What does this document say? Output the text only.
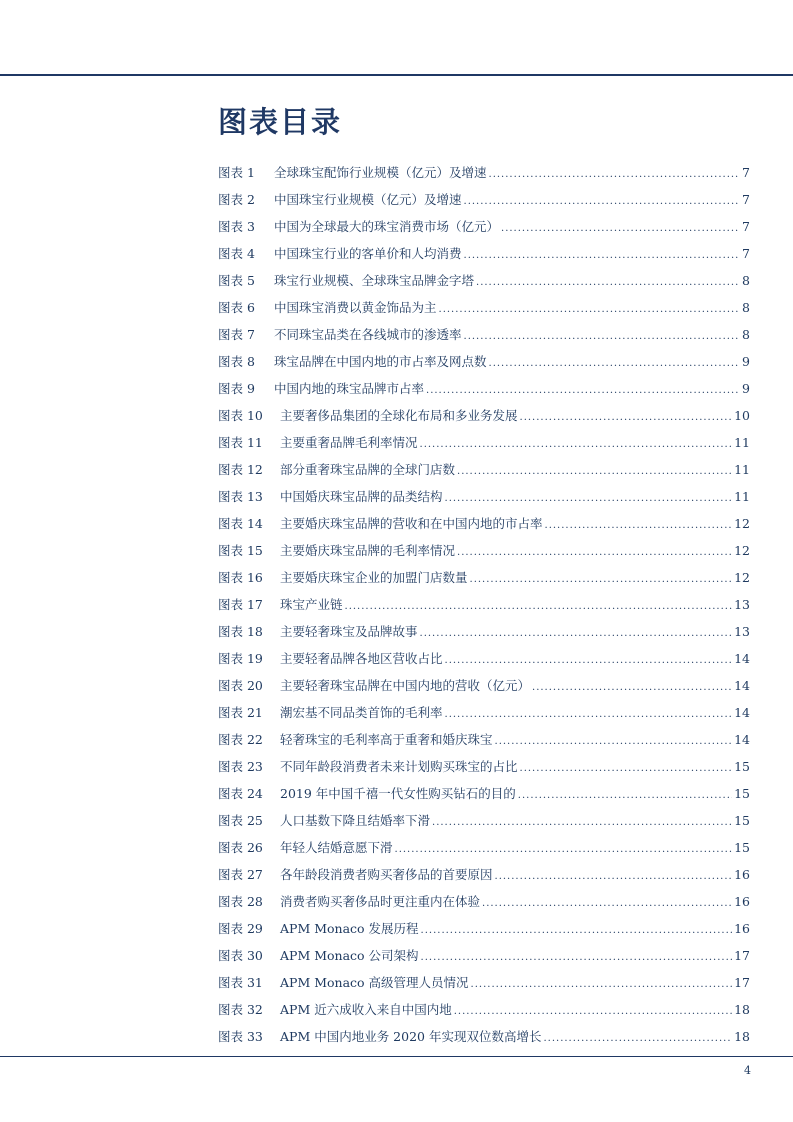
图表目录
图表 1	全球珠宝配饰行业规模（亿元）及增速 .....	7
图表 2	中国珠宝行业规模（亿元）及增速 .....	7
图表 3	中国为全球最大的珠宝消费市场（亿元） .....	7
图表 4	中国珠宝行业的客单价和人均消费 .....	7
图表 5	珠宝行业规模、全球珠宝品牌金字塔 .....	8
图表 6	中国珠宝消费以黄金饰品为主 .....	8
图表 7	不同珠宝品类在各线城市的渗透率 .....	8
图表 8	珠宝品牌在中国内地的市占率及网点数 .....	9
图表 9	中国内地的珠宝品牌市占率 .....	9
图表 10	主要奢侈品集团的全球化布局和多业务发展 .....	10
图表 11	主要重奢品牌毛利率情况 .....	11
图表 12	部分重奢珠宝品牌的全球门店数 .....	11
图表 13	中国婚庆珠宝品牌的品类结构 .....	11
图表 14	主要婚庆珠宝品牌的营收和在中国内地的市占率 .....	12
图表 15	主要婚庆珠宝品牌的毛利率情况 .....	12
图表 16	主要婚庆珠宝企业的加盟门店数量 .....	12
图表 17	珠宝产业链 .....	13
图表 18	主要轻奢珠宝及品牌故事 .....	13
图表 19	主要轻奢品牌各地区营收占比 .....	14
图表 20	主要轻奢珠宝品牌在中国内地的营收（亿元） .....	14
图表 21	潮宏基不同品类首饰的毛利率 .....	14
图表 22	轻奢珠宝的毛利率高于重奢和婚庆珠宝 .....	14
图表 23	不同年龄段消费者未来计划购买珠宝的占比 .....	15
图表 24	2019 年中国千禧一代女性购买钻石的目的 .....	15
图表 25	人口基数下降且结婚率下滑 .....	15
图表 26	年轻人结婚意愿下滑 .....	15
图表 27	各年龄段消费者购买奢侈品的首要原因 .....	16
图表 28	消费者购买奢侈品时更注重内在体验 .....	16
图表 29	APM Monaco 发展历程 .....	16
图表 30	APM Monaco 公司架构 .....	17
图表 31	APM Monaco 高级管理人员情况 .....	17
图表 32	APM 近六成收入来自中国内地 .....	18
图表 33	APM 中国内地业务 2020 年实现双位数高增长 .....	18
4
